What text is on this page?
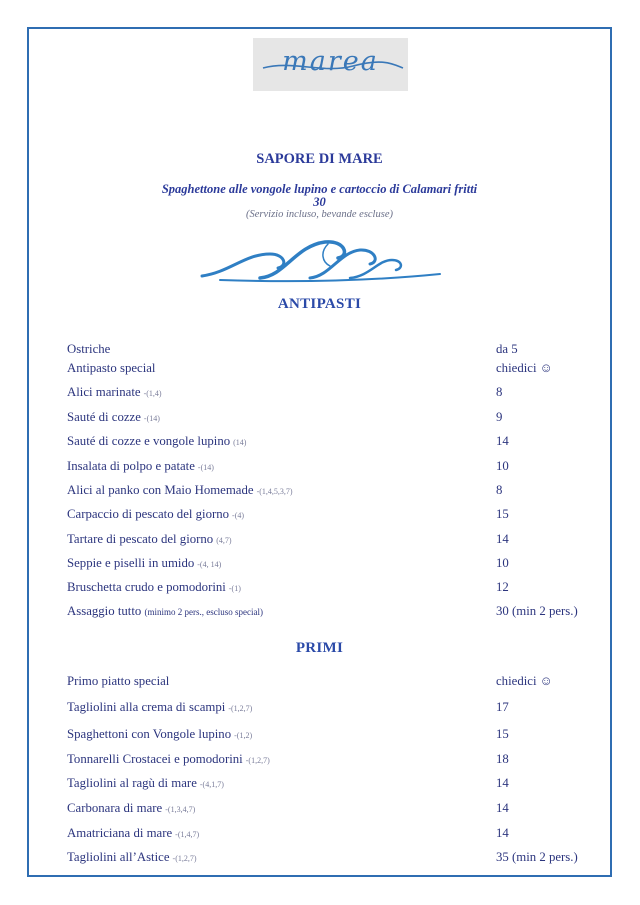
marea
SAPORE DI MARE
Spaghettone alle vongole lupino e cartoccio di Calamari fritti
30
(Servizio incluso, bevande escluse)
ANTIPASTI
Ostriche	da 5
Antipasto special	chiedici ☺
Alici marinate -(1,4)	8
Sauté di cozze -(14)	9
Sauté di cozze e vongole lupino (14)	14
Insalata di polpo e patate -(14)	10
Alici al panko con Maio Homemade -(1,4,5,3,7)	8
Carpaccio di pescato del giorno -(4)	15
Tartare di pescato del giorno (4,7)	14
Seppie e piselli in umido -(4, 14)	10
Bruschetta crudo e pomodorini -(1)	12
Assaggio tutto (minimo 2 pers., escluso special)	30 (min 2 pers.)
PRIMI
Primo piatto special	chiedici ☺
Tagliolini alla crema di scampi -(1,2,7)	17
Spaghettoni con Vongole lupino -(1,2)	15
Tonnarelli Crostacei e pomodorini -(1,2,7)	18
Tagliolini al ragù di mare -(4,1,7)	14
Carbonara di mare -(1,3,4,7)	14
Amatriciana di mare -(1,4,7)	14
Tagliolini all’Astice -(1,2,7)	35 (min 2 pers.)
